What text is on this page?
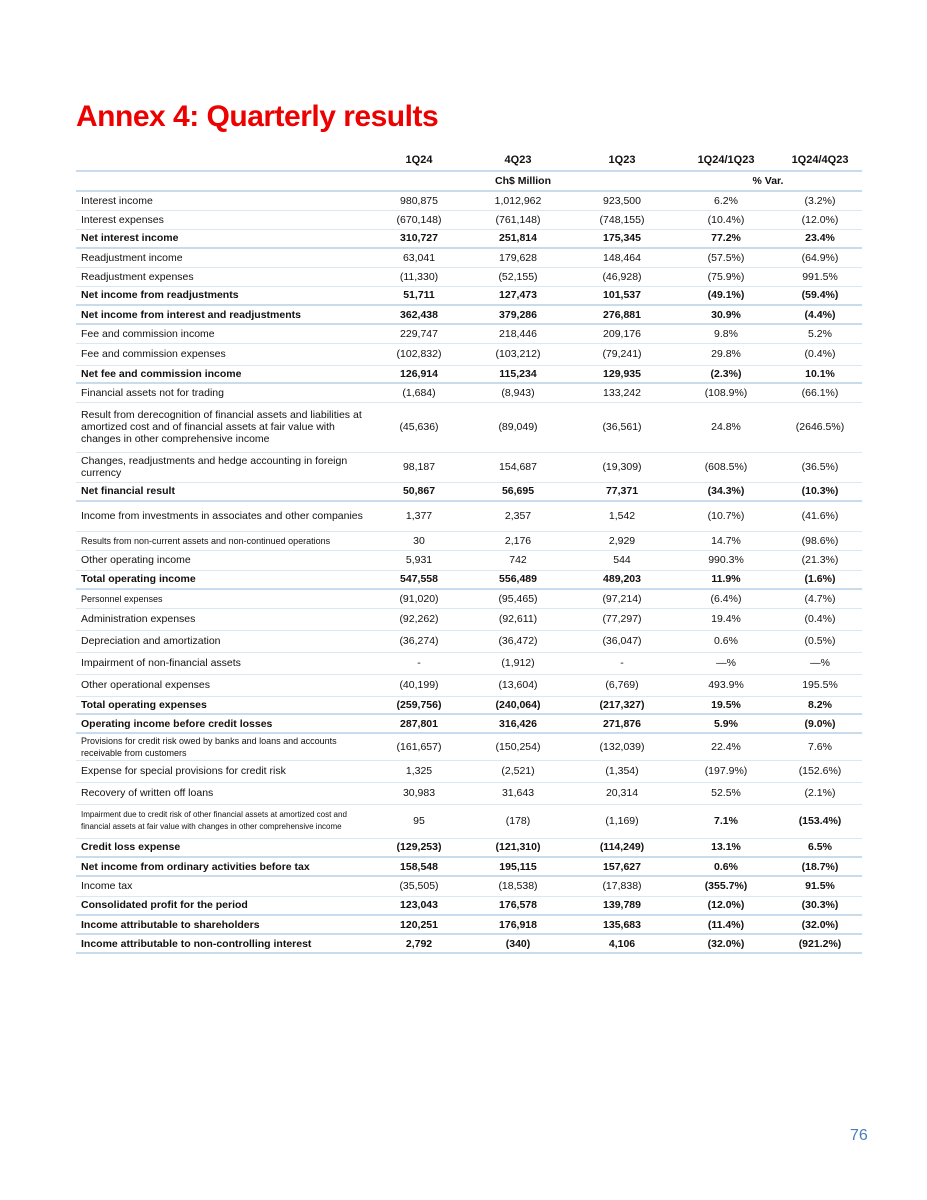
Annex 4: Quarterly results
	1Q24	4Q23	1Q23	1Q24/1Q23	1Q24/4Q23
	Ch$ Million			% Var.	
Interest income	980,875	1,012,962	923,500	6.2%	(3.2%)
Interest expenses	(670,148)	(761,148)	(748,155)	(10.4%)	(12.0%)
Net interest income	310,727	251,814	175,345	77.2%	23.4%
Readjustment income	63,041	179,628	148,464	(57.5%)	(64.9%)
Readjustment expenses	(11,330)	(52,155)	(46,928)	(75.9%)	991.5%
Net income from readjustments	51,711	127,473	101,537	(49.1%)	(59.4%)
Net income from interest and readjustments	362,438	379,286	276,881	30.9%	(4.4%)
Fee and commission income	229,747	218,446	209,176	9.8%	5.2%
Fee and commission expenses	(102,832)	(103,212)	(79,241)	29.8%	(0.4%)
Net fee and commission income	126,914	115,234	129,935	(2.3%)	10.1%
Financial assets not for trading	(1,684)	(8,943)	133,242	(108.9%)	(66.1%)
Result from derecognition of financial assets and liabilities at amortized cost and of financial assets at fair value with changes in other comprehensive income	(45,636)	(89,049)	(36,561)	24.8%	(2646.5%)
Changes, readjustments and hedge accounting in foreign currency	98,187	154,687	(19,309)	(608.5%)	(36.5%)
Net financial result	50,867	56,695	77,371	(34.3%)	(10.3%)
Income from investments in associates and other companies	1,377	2,357	1,542	(10.7%)	(41.6%)
Results from non-current assets and non-continued operations	30	2,176	2,929	14.7%	(98.6%)
Other operating income	5,931	742	544	990.3%	(21.3%)
Total operating income	547,558	556,489	489,203	11.9%	(1.6%)
Personnel expenses	(91,020)	(95,465)	(97,214)	(6.4%)	(4.7%)
Administration expenses	(92,262)	(92,611)	(77,297)	19.4%	(0.4%)
Depreciation and amortization	(36,274)	(36,472)	(36,047)	0.6%	(0.5%)
Impairment of non-financial assets	-	(1,912)	-	—%	—%
Other operational expenses	(40,199)	(13,604)	(6,769)	493.9%	195.5%
Total operating expenses	(259,756)	(240,064)	(217,327)	19.5%	8.2%
Operating income before credit losses	287,801	316,426	271,876	5.9%	(9.0%)
Provisions for credit risk owed by banks and loans and accounts receivable from customers	(161,657)	(150,254)	(132,039)	22.4%	7.6%
Expense for special provisions for credit risk	1,325	(2,521)	(1,354)	(197.9%)	(152.6%)
Recovery of written off loans	30,983	31,643	20,314	52.5%	(2.1%)
Impairment due to credit risk of other financial assets at amortized cost and financial assets at fair value with changes in other comprehensive income	95	(178)	(1,169)	7.1%	(153.4%)
Credit loss expense	(129,253)	(121,310)	(114,249)	13.1%	6.5%
Net income from ordinary activities before tax	158,548	195,115	157,627	0.6%	(18.7%)
Income tax	(35,505)	(18,538)	(17,838)	(355.7%)	91.5%
Consolidated profit for the period	123,043	176,578	139,789	(12.0%)	(30.3%)
Income attributable to shareholders	120,251	176,918	135,683	(11.4%)	(32.0%)
Income attributable to non-controlling interest	2,792	(340)	4,106	(32.0%)	(921.2%)
76
